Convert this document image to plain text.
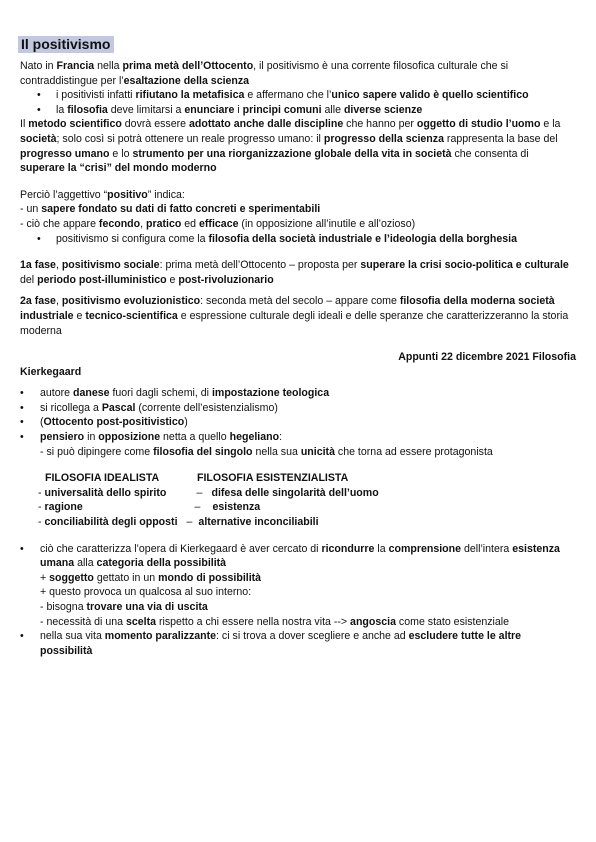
Il positivismo

Nato in Francia nella prima metà dell’Ottocento, il positivismo è una corrente filosofica culturale che si contraddistingue per l’esaltazione della scienza

• i positivisti infatti rifiutano la metafisica e affermano che l’unico sapere valido è quello scientifico
• la filosofia deve limitarsi a enunciare i principi comuni alle diverse scienze

Il metodo scientifico dovrà essere adottato anche dalle discipline che hanno per oggetto di studio l’uomo e la società; solo così si potrà ottenere un reale progresso umano: il progresso della scienza rappresenta la base del progresso umano e lo strumento per una riorganizzazione globale della vita in società che consenta di superare la “crisi” del mondo moderno

Perciò l’aggettivo “positivo” indica:

- un sapere fondato su dati di fatto concreti e sperimentabili

- ciò che appare fecondo, pratico ed efficace (in opposizione all’inutile e all’ozioso)

• positivismo si configura come la filosofia della società industriale e l’ideologia della borghesia

1a fase, positivismo sociale: prima metà dell’Ottocento – proposta per superare la crisi socio-politica e culturale del periodo post-illuministico e post-rivoluzionario

2a fase, positivismo evoluzionistico: seconda metà del secolo – appare come filosofia della moderna società industriale e tecnico-scientifica e espressione culturale degli ideali e delle speranze che caratterizzeranno la storia moderna

Appunti 22 dicembre 2021 Filosofia

Kierkegaard

• autore danese fuori dagli schemi, di impostazione teologica
• si ricollega a Pascal (corrente dell’esistenzialismo)
• (Ottocento post-positivistico)
• pensiero in opposizione netta a quello hegeliano:
- si può dipingere come filosofia del singolo nella sua unicità che torna ad essere protagonista
FILOSOFIA IDEALISTA	FILOSOFIA ESISTENZIALISTA
- universalità dello spirito	– difesa delle singolarità dell’uomo
- ragione	– esistenza
- conciliabilità degli opposti – alternative inconciliabili
• ciò che caratterizza l’opera di Kierkegaard è aver cercato di ricondurre la comprensione dell’intera esistenza umana alla categoria della possibilità
+ soggetto gettato in un mondo di possibilità
+ questo provoca un qualcosa al suo interno:
- bisogna trovare una via di uscita
- necessità di una scelta rispetto a chi essere nella nostra vita --> angoscia come stato esistenziale
• nella sua vita momento paralizzante: ci si trova a dover scegliere e anche ad escludere tutte le altre possibilità
